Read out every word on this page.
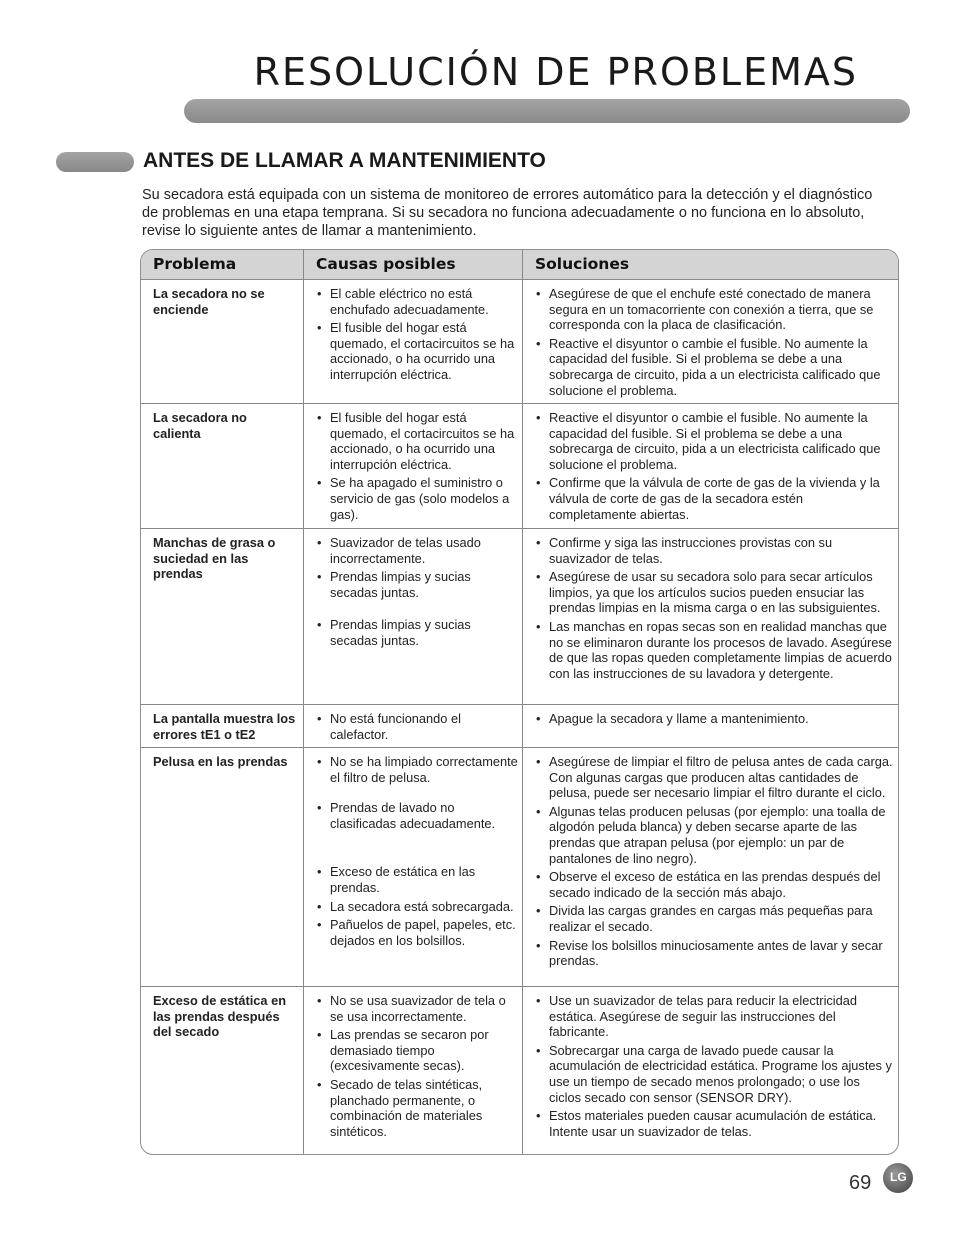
RESOLUCIÓN DE PROBLEMAS
ANTES DE LLAMAR A MANTENIMIENTO

Su secadora está equipada con un sistema de monitoreo de errores automático para la detección y el diagnóstico de problemas en una etapa temprana. Si su secadora no funciona adecuadamente o no funciona en lo absoluto, revise lo siguiente antes de llamar a mantenimiento.

Problema	Causas posibles	Soluciones
La secadora no se enciende
• El cable eléctrico no está enchufado adecuadamente.
• El fusible del hogar está quemado, el cortacircuitos se ha accionado, o ha ocurrido una interrupción eléctrica.
• Asegúrese de que el enchufe esté conectado de manera segura en un tomacorriente con conexión a tierra, que se corresponda con la placa de clasificación.
• Reactive el disyuntor o cambie el fusible. No aumente la capacidad del fusible. Si el problema se debe a una sobrecarga de circuito, pida a un electricista calificado que solucione el problema.
La secadora no calienta
• El fusible del hogar está quemado, el cortacircuitos se ha accionado, o ha ocurrido una interrupción eléctrica.
• Se ha apagado el suministro o servicio de gas (solo modelos a gas).
• Reactive el disyuntor o cambie el fusible. No aumente la capacidad del fusible. Si el problema se debe a una sobrecarga de circuito, pida a un electricista calificado que solucione el problema.
• Confirme que la válvula de corte de gas de la vivienda y la válvula de corte de gas de la secadora estén completamente abiertas.
Manchas de grasa o suciedad en las prendas
• Suavizador de telas usado incorrectamente.
• Prendas limpias y sucias secadas juntas.
• Prendas limpias y sucias secadas juntas.
• Confirme y siga las instrucciones provistas con su suavizador de telas.
• Asegúrese de usar su secadora solo para secar artículos limpios, ya que los artículos sucios pueden ensuciar las prendas limpias en la misma carga o en las subsiguientes.
• Las manchas en ropas secas son en realidad manchas que no se eliminaron durante los procesos de lavado. Asegúrese de que las ropas queden completamente limpias de acuerdo con las instrucciones de su lavadora y detergente.
La pantalla muestra los errores tE1 o tE2
• No está funcionando el calefactor.
• Apague la secadora y llame a mantenimiento.
Pelusa en las prendas
•	No se ha limpiado correctamente el filtro de pelusa.
• Prendas de lavado no clasificadas adecuadamente.
• Exceso de estática en las prendas.
• La secadora está sobrecargada.
• Pañuelos de papel, papeles, etc. dejados en los bolsillos.
• Asegúrese de limpiar el filtro de pelusa antes de cada carga. Con algunas cargas que producen altas cantidades de pelusa, puede ser necesario limpiar el filtro durante el ciclo.
• Algunas telas producen pelusas (por ejemplo: una toalla de algodón peluda blanca) y deben secarse aparte de las prendas que atrapan pelusa (por ejemplo: un par de pantalones de lino negro).
• Observe el exceso de estática en las prendas después del secado indicado de la sección más abajo.
• Divida las cargas grandes en cargas más pequeñas para realizar el secado.
• Revise los bolsillos minuciosamente antes de lavar y secar prendas.
Exceso de estática en las prendas después del secado
• No se usa suavizador de tela o se usa incorrectamente.
• Las prendas se secaron por demasiado tiempo (excesivamente secas).
• Secado de telas sintéticas, planchado permanente, o combinación de materiales sintéticos.
• Use un suavizador de telas para reducir la electricidad estática. Asegúrese de seguir las instrucciones del fabricante.
• Sobrecargar una carga de lavado puede causar la acumulación de electricidad estática. Programe los ajustes y use un tiempo de secado menos prolongado; o use los ciclos secado con sensor (SENSOR DRY).
• Estos materiales pueden causar acumulación de estática. Intente usar un suavizador de telas.
69 LG
